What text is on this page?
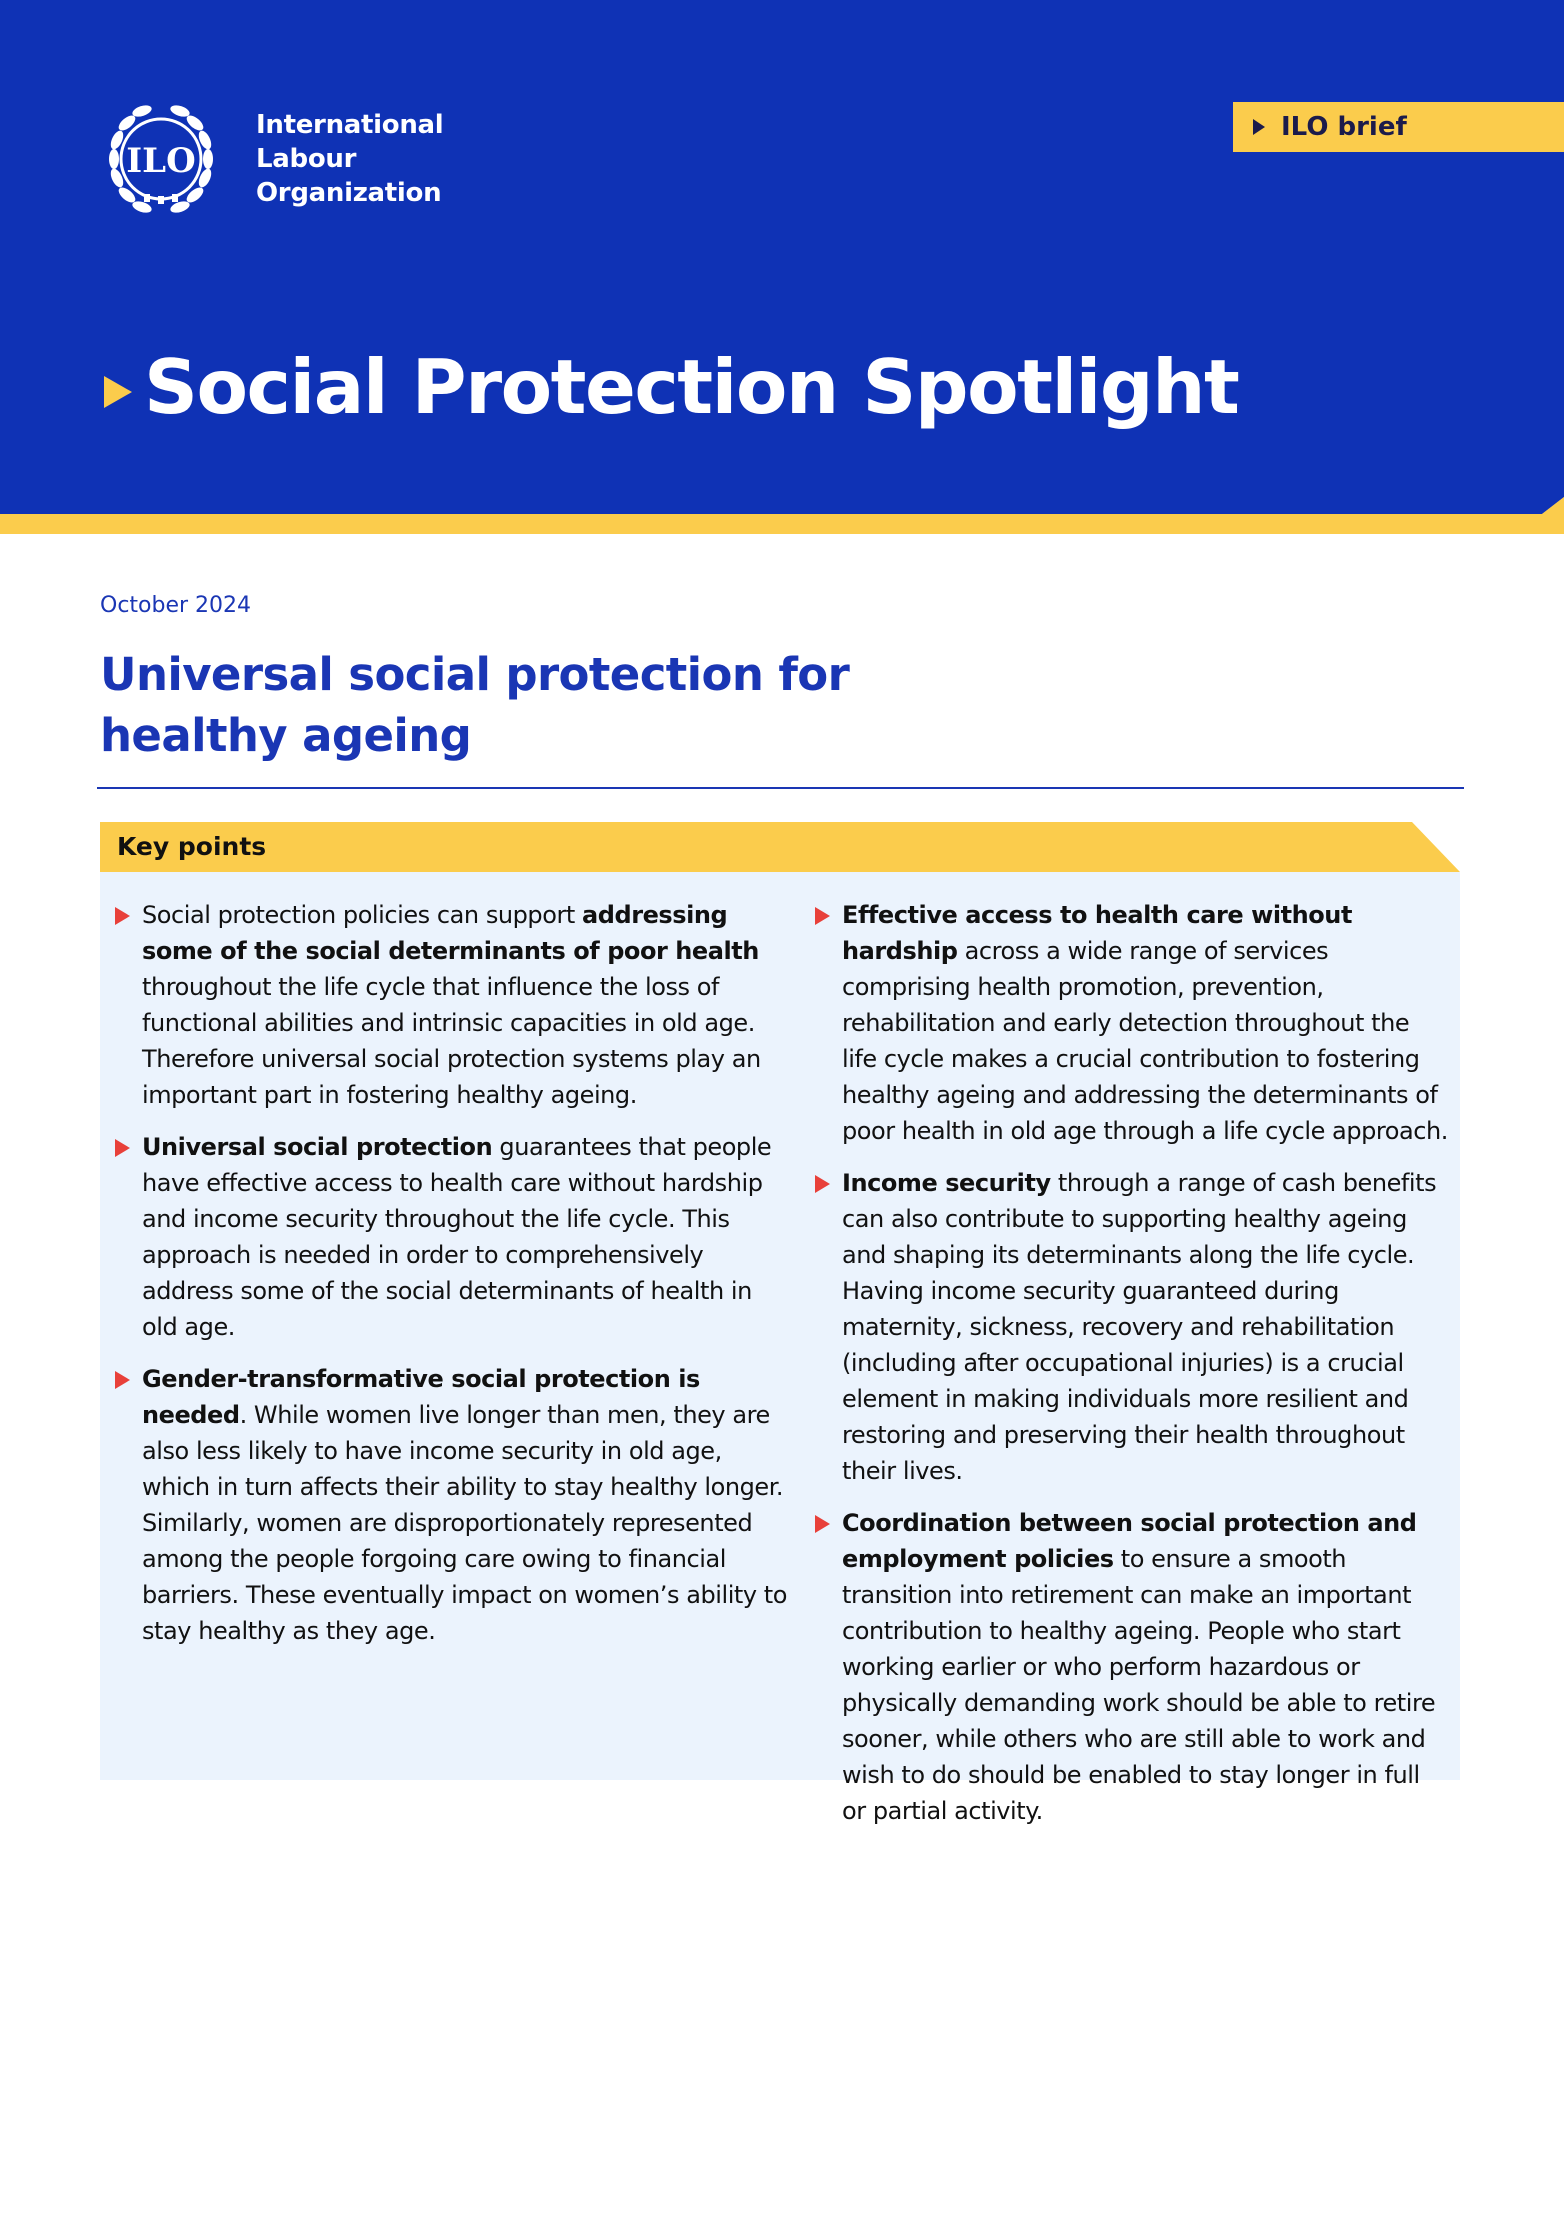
ILO
International
Labour
Organization
ILO brief
Social Protection Spotlight
October 2024
Universal social protection for healthy ageing
Key points

Social protection policies can support addressing some of the social determinants of poor health throughout the life cycle that influence the loss of functional abilities and intrinsic capacities in old age. Therefore universal social protection systems play an important part in fostering healthy ageing.

Universal social protection guarantees that people have effective access to health care without hardship and income security throughout the life cycle. This approach is needed in order to comprehensively address some of the social determinants of health in old age.

Gender-transformative social protection is needed. While women live longer than men, they are also less likely to have income security in old age, which in turn affects their ability to stay healthy longer. Similarly, women are disproportionately represented among the people forgoing care owing to financial barriers. These eventually impact on women’s ability to stay healthy as they age.

Effective access to health care without hardship across a wide range of services comprising health promotion, prevention, rehabilitation and early detection throughout the life cycle makes a crucial contribution to fostering healthy ageing and addressing the determinants of poor health in old age through a life cycle approach.

Income security through a range of cash benefits can also contribute to supporting healthy ageing and shaping its determinants along the life cycle. Having income security guaranteed during maternity, sickness, recovery and rehabilitation (including after occupational injuries) is a crucial element in making individuals more resilient and restoring and preserving their health throughout their lives.

Coordination between social protection and employment policies to ensure a smooth transition into retirement can make an important contribution to healthy ageing. People who start working earlier or who perform hazardous or physically demanding work should be able to retire sooner, while others who are still able to work and wish to do should be enabled to stay longer in full or partial activity.
